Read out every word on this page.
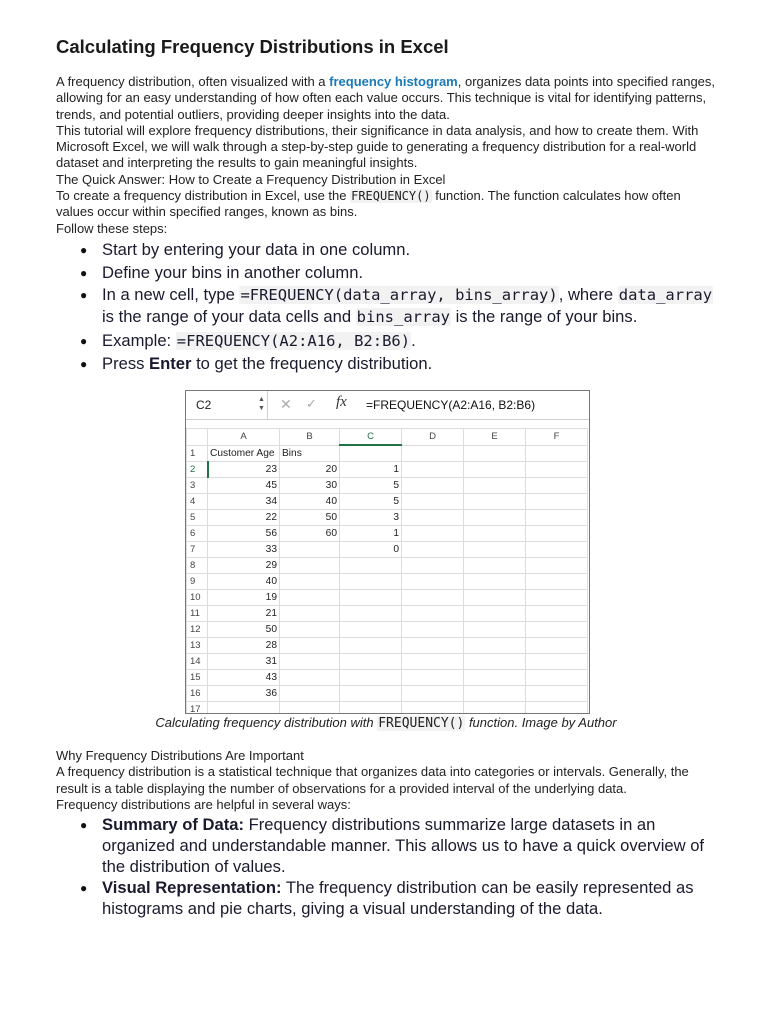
Calculating Frequency Distributions in Excel

A frequency distribution, often visualized with a frequency histogram, organizes data points into specified ranges, allowing for an easy understanding of how often each value occurs. This technique is vital for identifying patterns, trends, and potential outliers, providing deeper insights into the data.

This tutorial will explore frequency distributions, their significance in data analysis, and how to create them. With Microsoft Excel, we will walk through a step-by-step guide to generating a frequency distribution for a real-world dataset and interpreting the results to gain meaningful insights.

The Quick Answer: How to Create a Frequency Distribution in Excel

To create a frequency distribution in Excel, use the FREQUENCY() function. The function calculates how often values occur within specified ranges, known as bins.

Follow these steps:

● Start by entering your data in one column.
● Define your bins in another column.
● In a new cell, type =FREQUENCY(data_array, bins_array), where data_array is the range of your data cells and bins_array is the range of your bins.
● Example: =FREQUENCY(A2:A16, B2:B6).
● Press Enter to get the frequency distribution.
C2	▲
▼ ✕ ✓ fx =FREQUENCY(A2:A16, B2:B6)
	A	B	C	D	E	F
1	Customer Age	Bins				
2	23	20	1			
3	45	30	5			
4	34	40	5			
5	22	50	3			
6	56	60	1			
7	33		0			
8	29					
9	40					
10	19					
11	21					
12	50					
13	28					
14	31					
15	43					
16	36					
17						
Calculating frequency distribution with FREQUENCY() function. Image by Author

Why Frequency Distributions Are Important

A frequency distribution is a statistical technique that organizes data into categories or intervals. Generally, the result is a table displaying the number of observations for a provided interval of the underlying data.

Frequency distributions are helpful in several ways:

● Summary of Data: Frequency distributions summarize large datasets in an organized and understandable manner. This allows us to have a quick overview of the distribution of values.
● Visual Representation: The frequency distribution can be easily represented as histograms and pie charts, giving a visual understanding of the data.
